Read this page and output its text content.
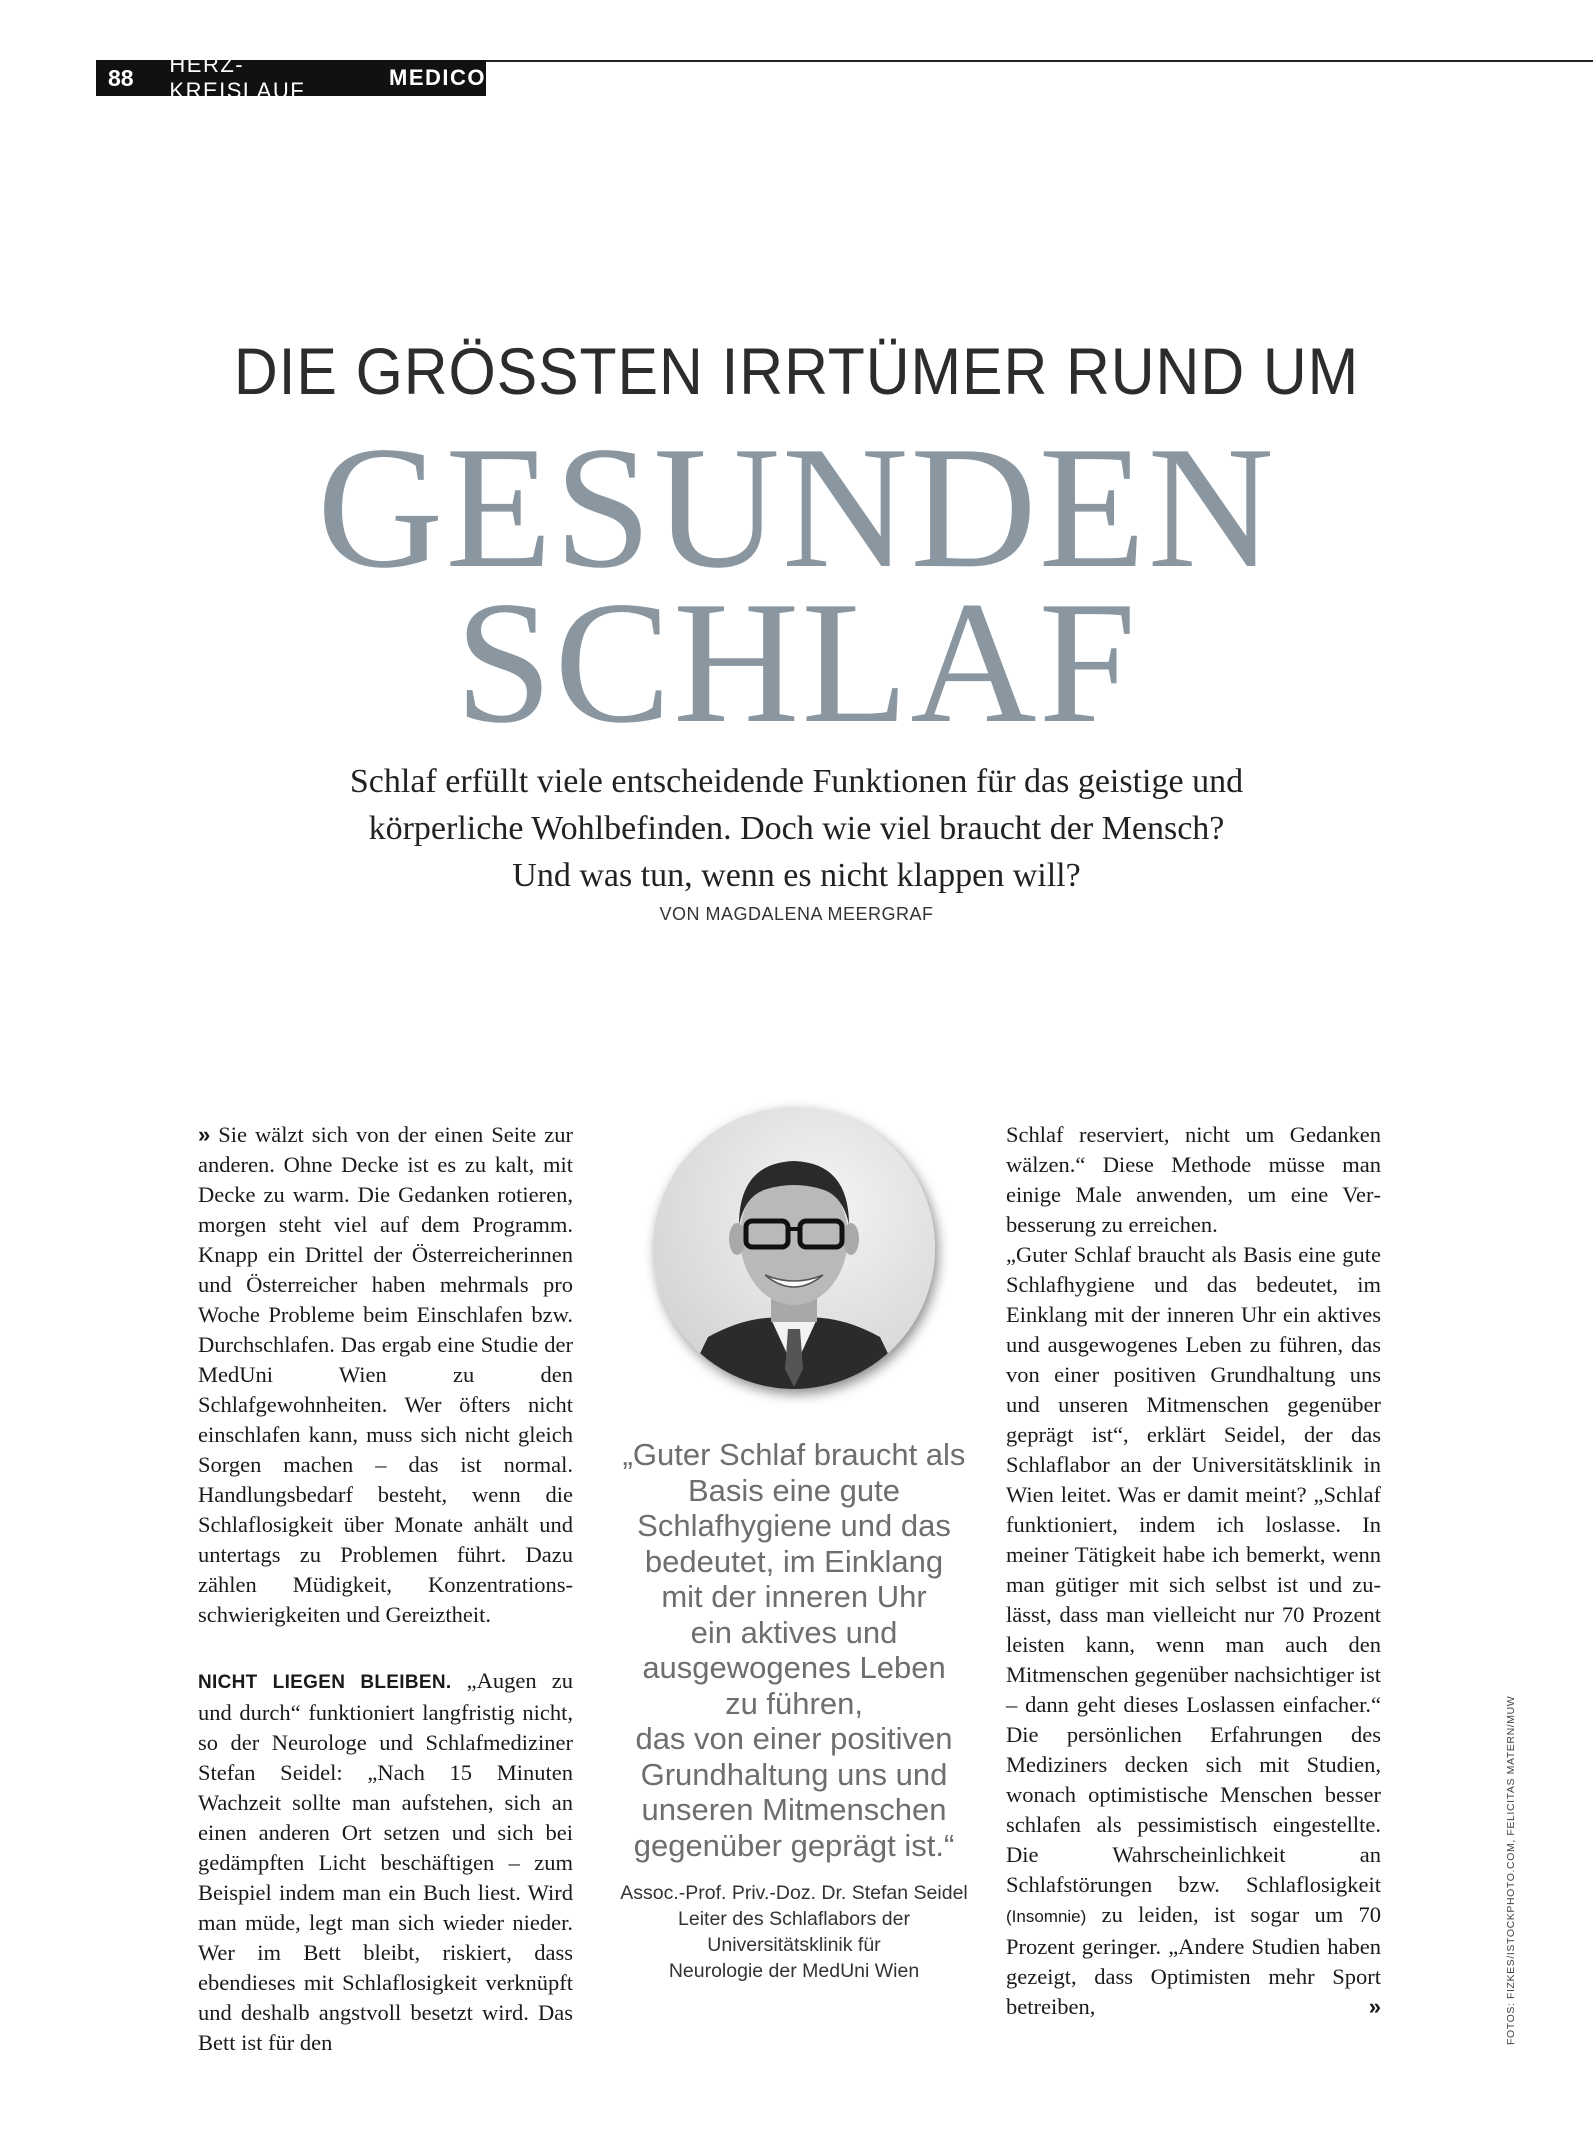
88	HERZ-KREISLAUF
MEDICO
DIE GRÖSSTEN IRRTÜMER RUND UM
GESUNDEN
SCHLAF
Schlaf erfüllt viele entscheidende Funktionen für das geistige und
körperliche Wohlbefinden. Doch wie viel braucht der Mensch?
Und was tun, wenn es nicht klappen will?
VON MAGDALENA MEERGRAF

» Sie wälzt sich von der einen Seite zur anderen. Ohne Decke ist es zu kalt, mit Decke zu warm. Die Gedanken rotieren, morgen steht viel auf dem Programm. Knapp ein Drittel der Österreicherinnen und Österreicher haben mehrmals pro Woche Probleme beim Einschlafen bzw. Durchschlafen. Das ergab eine Studie der MedUni Wien zu den Schlafgewohnheiten. Wer öfters nicht einschlafen kann, muss sich nicht gleich Sorgen machen – das ist normal. Handlungsbedarf besteht, wenn die Schlaflosigkeit über Monate anhält und untertags zu Problemen führt. Dazu zählen Müdigkeit, Konzentrationsschwierigkeiten und Gereiztheit.

NICHT LIEGEN BLEIBEN. „Augen zu und durch“ funktioniert langfristig nicht, so der Neurologe und Schlafmediziner Stefan Seidel: „Nach 15 Minuten Wachzeit sollte man aufstehen, sich an einen anderen Ort setzen und sich bei gedämpften Licht beschäftigen – zum Beispiel indem man ein Buch liest. Wird man müde, legt man sich wieder nieder. Wer im Bett bleibt, riskiert, dass ebendieses mit Schlaflosigkeit verknüpft und deshalb angstvoll besetzt wird. Das Bett ist für den

„Guter Schlaf braucht als
Basis eine gute
Schlafhygiene und das
bedeutet, im Einklang
mit der inneren Uhr
ein aktives und
ausgewogenes Leben
zu führen,
das von einer positiven
Grundhaltung uns und
unseren Mitmenschen
gegenüber geprägt ist.“
Assoc.-Prof. Priv.-Doz. Dr. Stefan Seidel
Leiter des Schlaflabors der
Universitätsklinik für
Neurologie der MedUni Wien

Schlaf reserviert, nicht um Gedanken wälzen.“ Diese Methode müsse man einige Male anwenden, um eine Verbesserung zu erreichen.

„Guter Schlaf braucht als Basis eine gute Schlafhygiene und das bedeutet, im Einklang mit der inneren Uhr ein aktives und ausgewogenes Leben zu führen, das von einer positiven Grundhaltung uns und unseren Mitmenschen gegenüber geprägt ist“, erklärt Seidel, der das Schlaflabor an der Universitätsklinik in Wien leitet. Was er damit meint? „Schlaf funktioniert, indem ich loslasse. In meiner Tätigkeit habe ich bemerkt, wenn man gütiger mit sich selbst ist und zulässt, dass man vielleicht nur 70 Prozent leisten kann, wenn man auch den Mitmenschen gegenüber nachsichtiger ist – dann geht dieses Loslassen einfacher.“ Die persönlichen Erfahrungen des Mediziners decken sich mit Studien, wonach optimistische Menschen besser schlafen als pessimistisch eingestellte. Die Wahrscheinlichkeit an Schlafstörungen bzw. Schlaflosigkeit (Insomnie) zu leiden, ist sogar um 70 Prozent geringer. „Andere Studien haben gezeigt, dass Optimisten mehr Sport betreiben,	»	FOTOS: FIZKES/ISTOCKPHOTO.COM, FELICITAS MATERN/MUW
